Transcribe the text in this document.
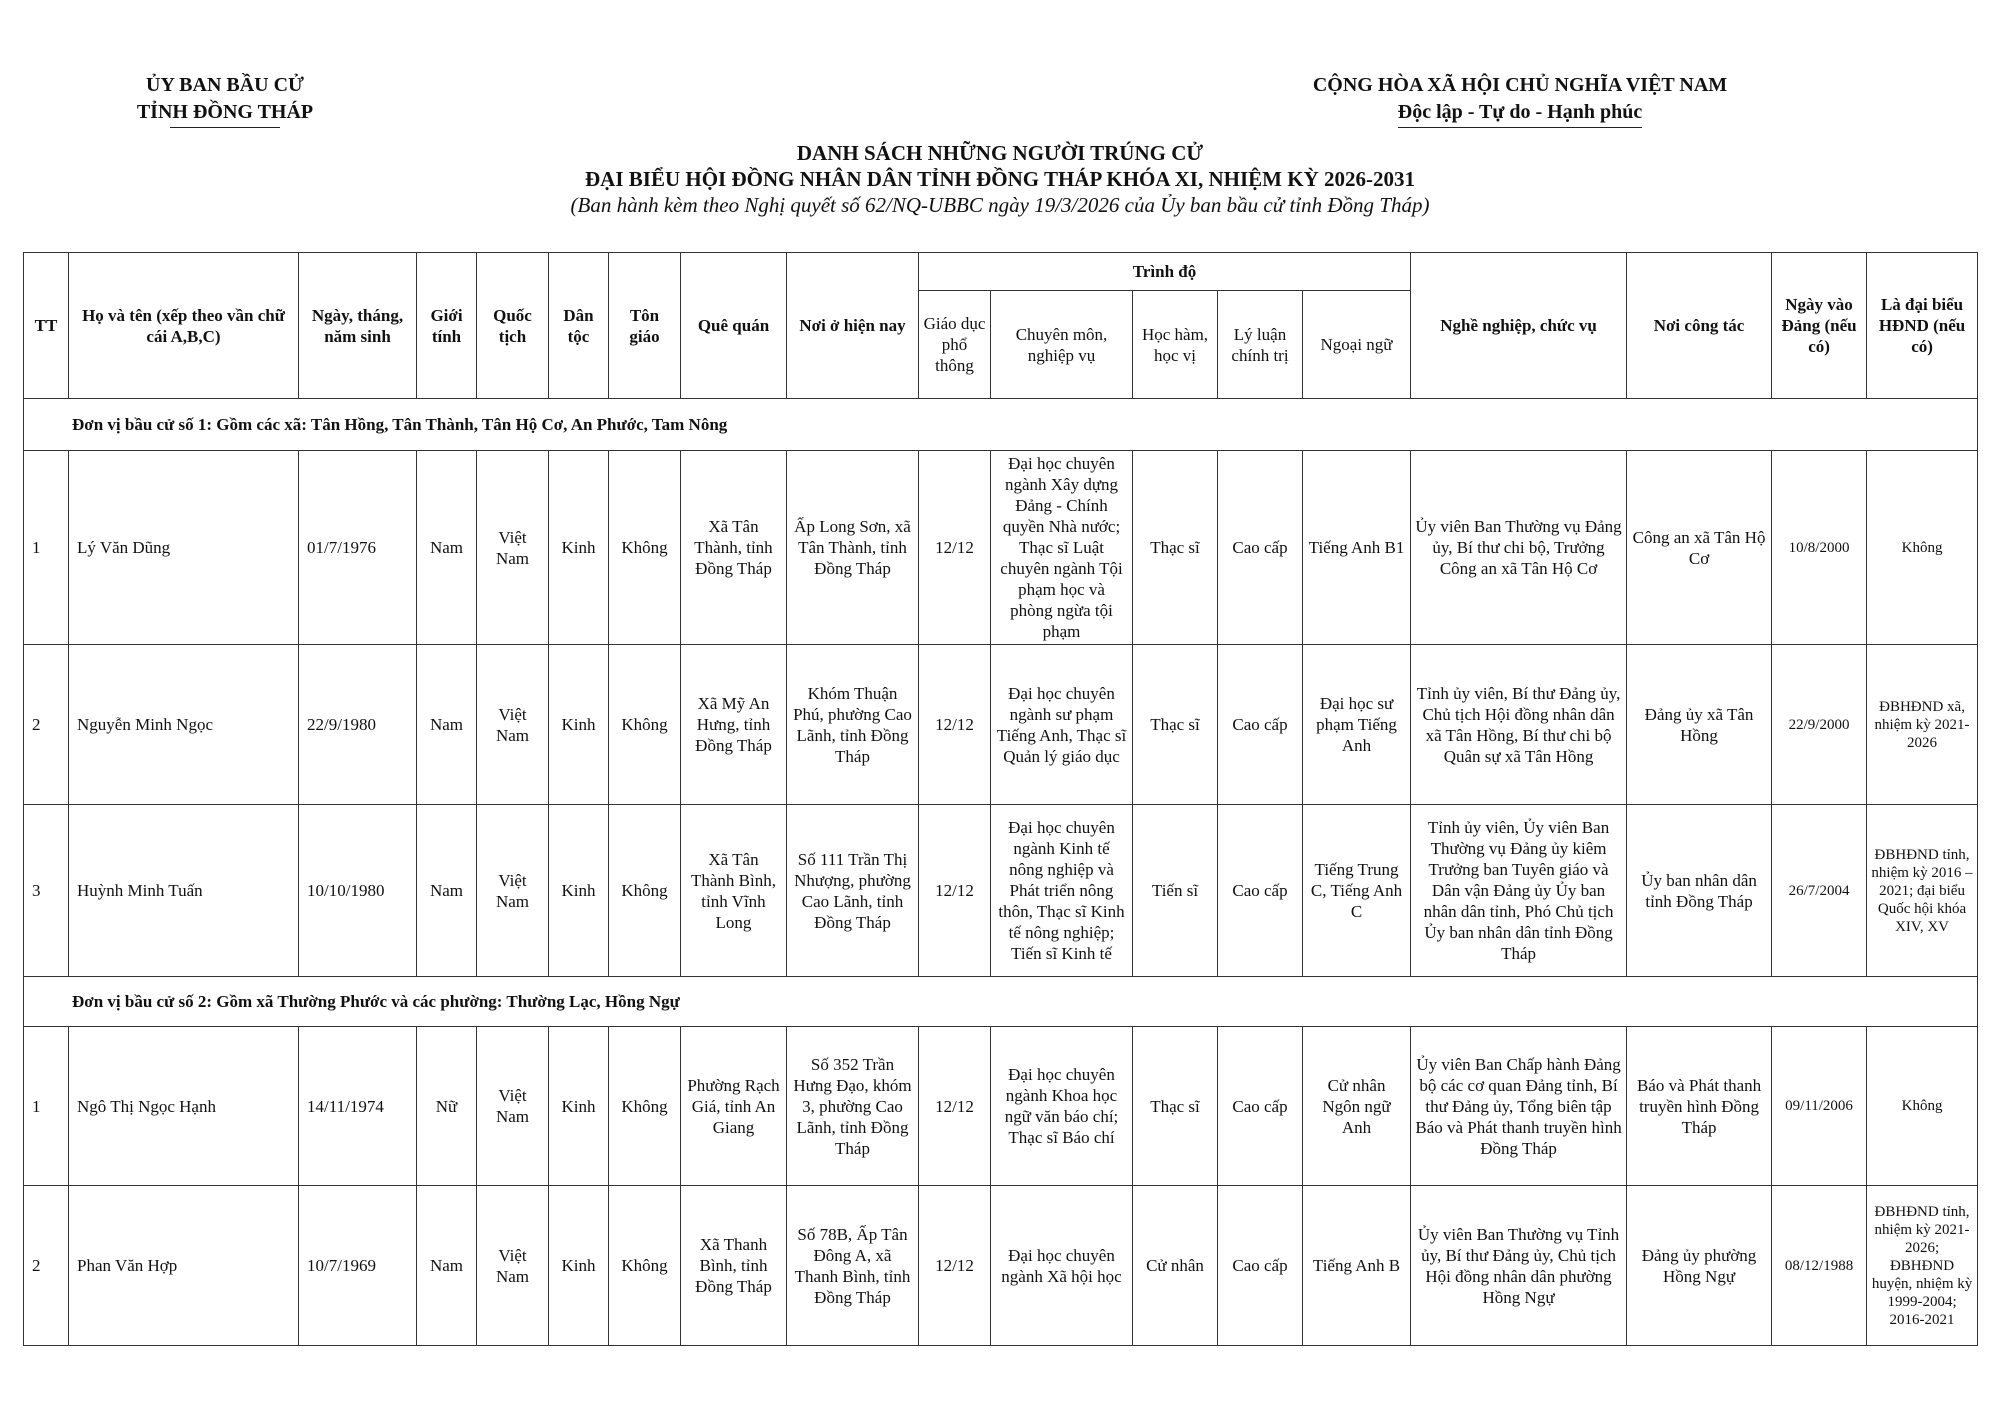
ỦY BAN BẦU CỬ
TỈNH ĐỒNG THÁP
CỘNG HÒA XÃ HỘI CHỦ NGHĨA VIỆT NAM
Độc lập - Tự do - Hạnh phúc
DANH SÁCH NHỮNG NGƯỜI TRÚNG CỬ
ĐẠI BIỂU HỘI ĐỒNG NHÂN DÂN TỈNH ĐỒNG THÁP KHÓA XI, NHIỆM KỲ 2026-2031
(Ban hành kèm theo Nghị quyết số 62/NQ-UBBC ngày 19/3/2026 của Ủy ban bầu cử tỉnh Đồng Tháp)
TT	Họ và tên (xếp theo vần chữ cái A,B,C)	Ngày, tháng, năm sinh	Giới tính	Quốc tịch	Dân tộc	Tôn giáo	Quê quán	Nơi ở hiện nay	Trình độ					Nghề nghiệp, chức vụ	Nơi công tác	Ngày vào Đảng (nếu có)	Là đại biểu HĐND (nếu có)
									Giáo dục phổ thông	Chuyên môn, nghiệp vụ	Học hàm, học vị	Lý luận chính trị	Ngoại ngữ				
Đơn vị bầu cử số 1: Gồm các xã: Tân Hồng, Tân Thành, Tân Hộ Cơ, An Phước, Tam Nông																	
1	Lý Văn Dũng	01/7/1976	Nam	Việt Nam	Kinh	Không	Xã Tân Thành, tỉnh Đồng Tháp	Ấp Long Sơn, xã Tân Thành, tỉnh Đồng Tháp	12/12	Đại học chuyên ngành Xây dựng Đảng - Chính quyền Nhà nước; Thạc sĩ Luật chuyên ngành Tội phạm học và phòng ngừa tội phạm	Thạc sĩ	Cao cấp	Tiếng Anh B1	Ủy viên Ban Thường vụ Đảng ủy, Bí thư chi bộ, Trưởng Công an xã Tân Hộ Cơ	Công an xã Tân Hộ Cơ	10/8/2000	Không
2	Nguyễn Minh Ngọc	22/9/1980	Nam	Việt Nam	Kinh	Không	Xã Mỹ An Hưng, tỉnh Đồng Tháp	Khóm Thuận Phú, phường Cao Lãnh, tỉnh Đồng Tháp	12/12	Đại học chuyên ngành sư phạm Tiếng Anh, Thạc sĩ Quản lý giáo dục	Thạc sĩ	Cao cấp	Đại học sư phạm Tiếng Anh	Tỉnh ủy viên, Bí thư Đảng ủy, Chủ tịch Hội đồng nhân dân xã Tân Hồng, Bí thư chi bộ Quân sự xã Tân Hồng	Đảng ủy xã Tân Hồng	22/9/2000	ĐBHĐND xã, nhiệm kỳ 2021-2026
3	Huỳnh Minh Tuấn	10/10/1980	Nam	Việt Nam	Kinh	Không	Xã Tân Thành Bình, tỉnh Vĩnh Long	Số 111 Trần Thị Nhượng, phường Cao Lãnh, tỉnh Đồng Tháp	12/12	Đại học chuyên ngành Kinh tế nông nghiệp và Phát triển nông thôn, Thạc sĩ Kinh tế nông nghiệp; Tiến sĩ Kinh tế	Tiến sĩ	Cao cấp	Tiếng Trung C, Tiếng Anh C	Tỉnh ủy viên, Ủy viên Ban Thường vụ Đảng ủy kiêm Trưởng ban Tuyên giáo và Dân vận Đảng ủy Ủy ban nhân dân tỉnh, Phó Chủ tịch Ủy ban nhân dân tỉnh Đồng Tháp	Ủy ban nhân dân tỉnh Đồng Tháp	26/7/2004	ĐBHĐND tỉnh, nhiệm kỳ 2016 – 2021; đại biểu Quốc hội khóa XIV, XV
Đơn vị bầu cử số 2: Gồm xã Thường Phước và các phường: Thường Lạc, Hồng Ngự																	
1	Ngô Thị Ngọc Hạnh	14/11/1974	Nữ	Việt Nam	Kinh	Không	Phường Rạch Giá, tỉnh An Giang	Số 352 Trần Hưng Đạo, khóm 3, phường Cao Lãnh, tỉnh Đồng Tháp	12/12	Đại học chuyên ngành Khoa học ngữ văn báo chí; Thạc sĩ Báo chí	Thạc sĩ	Cao cấp	Cử nhân Ngôn ngữ Anh	Ủy viên Ban Chấp hành Đảng bộ các cơ quan Đảng tỉnh, Bí thư Đảng ủy, Tổng biên tập Báo và Phát thanh truyền hình Đồng Tháp	Báo và Phát thanh truyền hình Đồng Tháp	09/11/2006	Không
2	Phan Văn Hợp	10/7/1969	Nam	Việt Nam	Kinh	Không	Xã Thanh Bình, tỉnh Đồng Tháp	Số 78B, Ấp Tân Đông A, xã Thanh Bình, tỉnh Đồng Tháp	12/12	Đại học chuyên ngành Xã hội học	Cử nhân	Cao cấp	Tiếng Anh B	Ủy viên Ban Thường vụ Tỉnh ủy, Bí thư Đảng ủy, Chủ tịch Hội đồng nhân dân phường Hồng Ngự	Đảng ủy phường Hồng Ngự	08/12/1988	ĐBHĐND tỉnh, nhiệm kỳ 2021-2026; ĐBHĐND huyện, nhiệm kỳ 1999-2004; 2016-2021
